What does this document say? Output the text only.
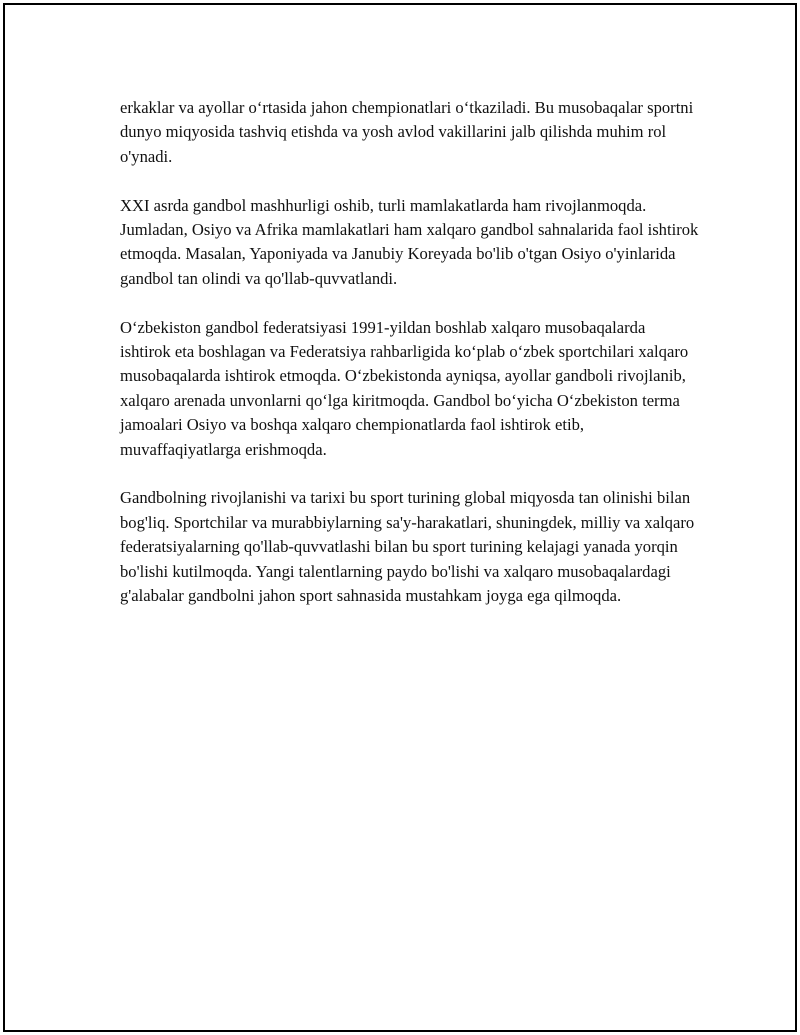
erkaklar va ayollar o‘rtasida jahon chempionatlari o‘tkaziladi. Bu musobaqalar sportni dunyo miqyosida tashviq etishda va yosh avlod vakillarini jalb qilishda muhim rol o'ynadi.

XXI asrda gandbol mashhurligi oshib, turli mamlakatlarda ham rivojlanmoqda. Jumladan, Osiyo va Afrika mamlakatlari ham xalqaro gandbol sahnalarida faol ishtirok etmoqda. Masalan, Yaponiyada va Janubiy Koreyada bo'lib o'tgan Osiyo o'yinlarida gandbol tan olindi va qo'llab-quvvatlandi.

O‘zbekiston gandbol federatsiyasi 1991-yildan boshlab xalqaro musobaqalarda ishtirok eta boshlagan va Federatsiya rahbarligida ko‘plab o‘zbek sportchilari xalqaro musobaqalarda ishtirok etmoqda. O‘zbekistonda ayniqsa, ayollar gandboli rivojlanib, xalqaro arenada unvonlarni qo‘lga kiritmoqda. Gandbol bo‘yicha O‘zbekiston terma jamoalari Osiyo va boshqa xalqaro chempionatlarda faol ishtirok etib, muvaffaqiyatlarga erishmoqda.

Gandbolning rivojlanishi va tarixi bu sport turining global miqyosda tan olinishi bilan bog'liq. Sportchilar va murabbiylarning sa'y-harakatlari, shuningdek, milliy va xalqaro federatsiyalarning qo'llab-quvvatlashi bilan bu sport turining kelajagi yanada yorqin bo'lishi kutilmoqda. Yangi talentlarning paydo bo'lishi va xalqaro musobaqalardagi g'alabalar gandbolni jahon sport sahnasida mustahkam joyga ega qilmoqda.
